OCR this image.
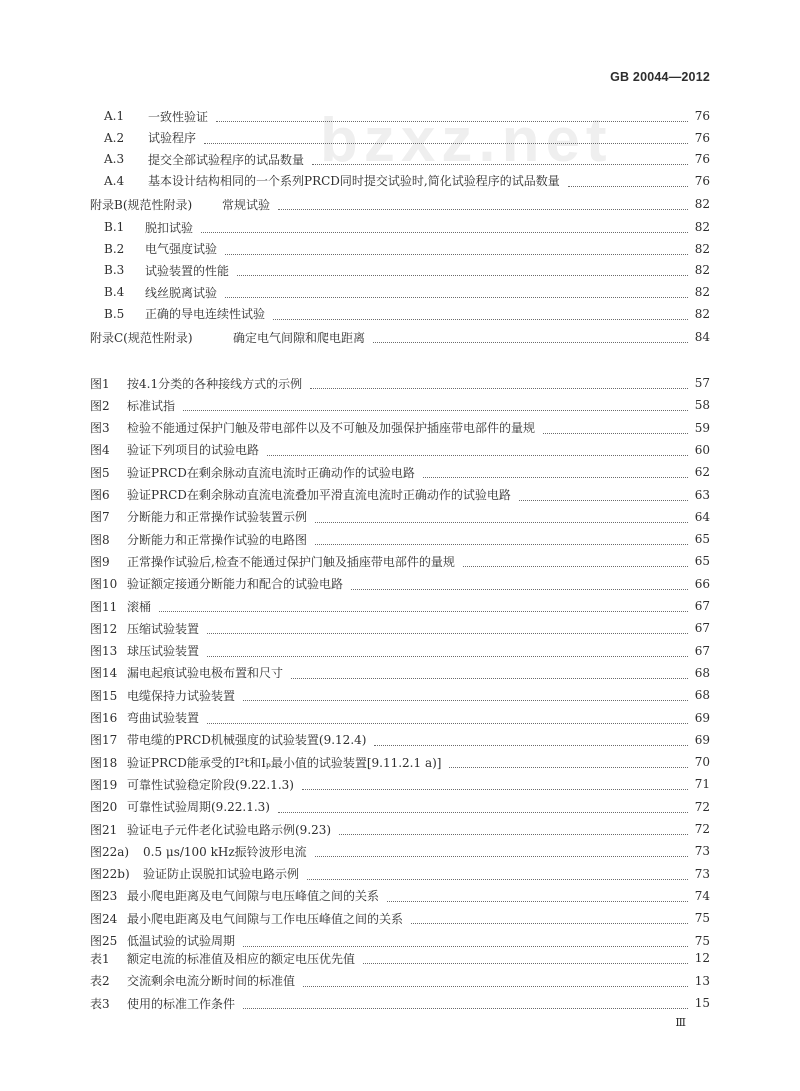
GB 20044—2012
bzxz.net
A.1 一致性验证	76
A.2 试验程序	76
A.3 提交全部试验程序的试品数量	76
A.4 基本设计结构相同的一个系列PRCD同时提交试验时,简化试验程序的试品数量	76
附录B(规范性附录) 常规试验	82
B.1 脱扣试验	82
B.2 电气强度试验	82
B.3 试验装置的性能	82
B.4 线丝脱离试验	82
B.5 正确的导电连续性试验	82
附录C(规范性附录)	确定电气间隙和爬电距离	84
图1 按4.1分类的各种接线方式的示例	57
图2 标准试指	58
图3 检验不能通过保护门触及带电部件以及不可触及加强保护插座带电部件的量规	59
图4 验证下列项目的试验电路	60
图5 验证PRCD在剩余脉动直流电流时正确动作的试验电路	62
图6 验证PRCD在剩余脉动直流电流叠加平滑直流电流时正确动作的试验电路	63
图7 分断能力和正常操作试验装置示例	64
图8 分断能力和正常操作试验的电路图	65
图9 正常操作试验后,检查不能通过保护门触及插座带电部件的量规	65
图10 验证额定接通分断能力和配合的试验电路	66
图11 滚桶	67
图12 压缩试验装置	67
图13 球压试验装置	67
图14 漏电起痕试验电极布置和尺寸	68
图15 电缆保持力试验装置	68
图16 弯曲试验装置	69
图17 带电缆的PRCD机械强度的试验装置(9.12.4)	69
图18 验证PRCD能承受的I²t和Iₚ最小值的试验装置[9.11.2.1 a)]	70
图19 可靠性试验稳定阶段(9.22.1.3)	71
图20 可靠性试验周期(9.22.1.3)	72
图21 验证电子元件老化试验电路示例(9.23)	72
图22a) 0.5 μs/100 kHz振铃波形电流	73
图22b) 验证防止误脱扣试验电路示例	73
图23 最小爬电距离及电气间隙与电压峰值之间的关系	74
图24 最小爬电距离及电气间隙与工作电压峰值之间的关系	75
图25 低温试验的试验周期	75
表1 额定电流的标准值及相应的额定电压优先值	12
表2 交流剩余电流分断时间的标准值	13
表3 使用的标准工作条件	15
Ⅲ
